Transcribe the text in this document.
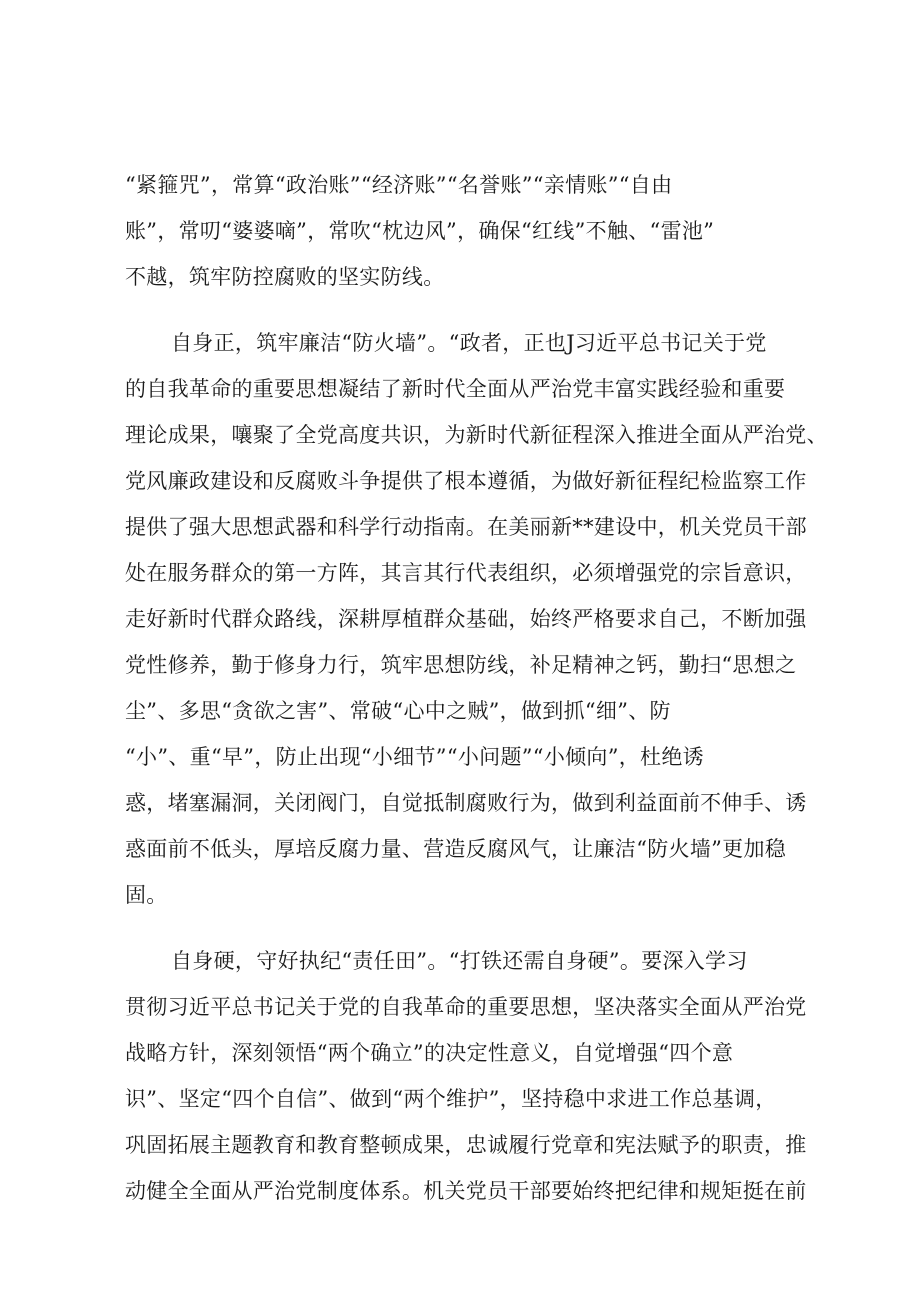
“紧箍咒”，常算“政治账”“经济账”“名誉账”“亲情账”“自由
账”，常叨“婆婆嘀”，常吹“枕边风”，确保“红线”不触、“雷池”
不越，筑牢防控腐败的坚实防线。
自身正，筑牢廉洁“防火墙”。“政者，正也J习近平总书记关于党
的自我革命的重要思想凝结了新时代全面从严治党丰富实践经验和重要
理论成果，嚷聚了全党高度共识，为新时代新征程深入推进全面从严治党、
党风廉政建设和反腐败斗争提供了根本遵循，为做好新征程纪检监察工作
提供了强大思想武器和科学行动指南。在美丽新**建设中，机关党员干部
处在服务群众的第一方阵，其言其行代表组织，必须增强党的宗旨意识，
走好新时代群众路线，深耕厚植群众基础，始终严格要求自己，不断加强
党性修养，勤于修身力行，筑牢思想防线，补足精神之钙，勤扫“思想之
尘”、多思“贪欲之害”、常破“心中之贼”，做到抓“细”、防
“小”、重“早”，防止出现“小细节”“小问题”“小倾向”，杜绝诱
惑，堵塞漏洞，关闭阀门，自觉抵制腐败行为，做到利益面前不伸手、诱
惑面前不低头，厚培反腐力量、营造反腐风气，让廉洁“防火墙”更加稳
固。
自身硬，守好执纪“责任田”。“打铁还需自身硬”。要深入学习
贯彻习近平总书记关于党的自我革命的重要思想，坚决落实全面从严治党
战略方针，深刻领悟“两个确立”的决定性意义，自觉增强“四个意
识”、坚定“四个自信”、做到“两个维护”，坚持稳中求进工作总基调，
巩固拓展主题教育和教育整顿成果，忠诚履行党章和宪法赋予的职责，推
动健全全面从严治党制度体系。机关党员干部要始终把纪律和规矩挺在前
